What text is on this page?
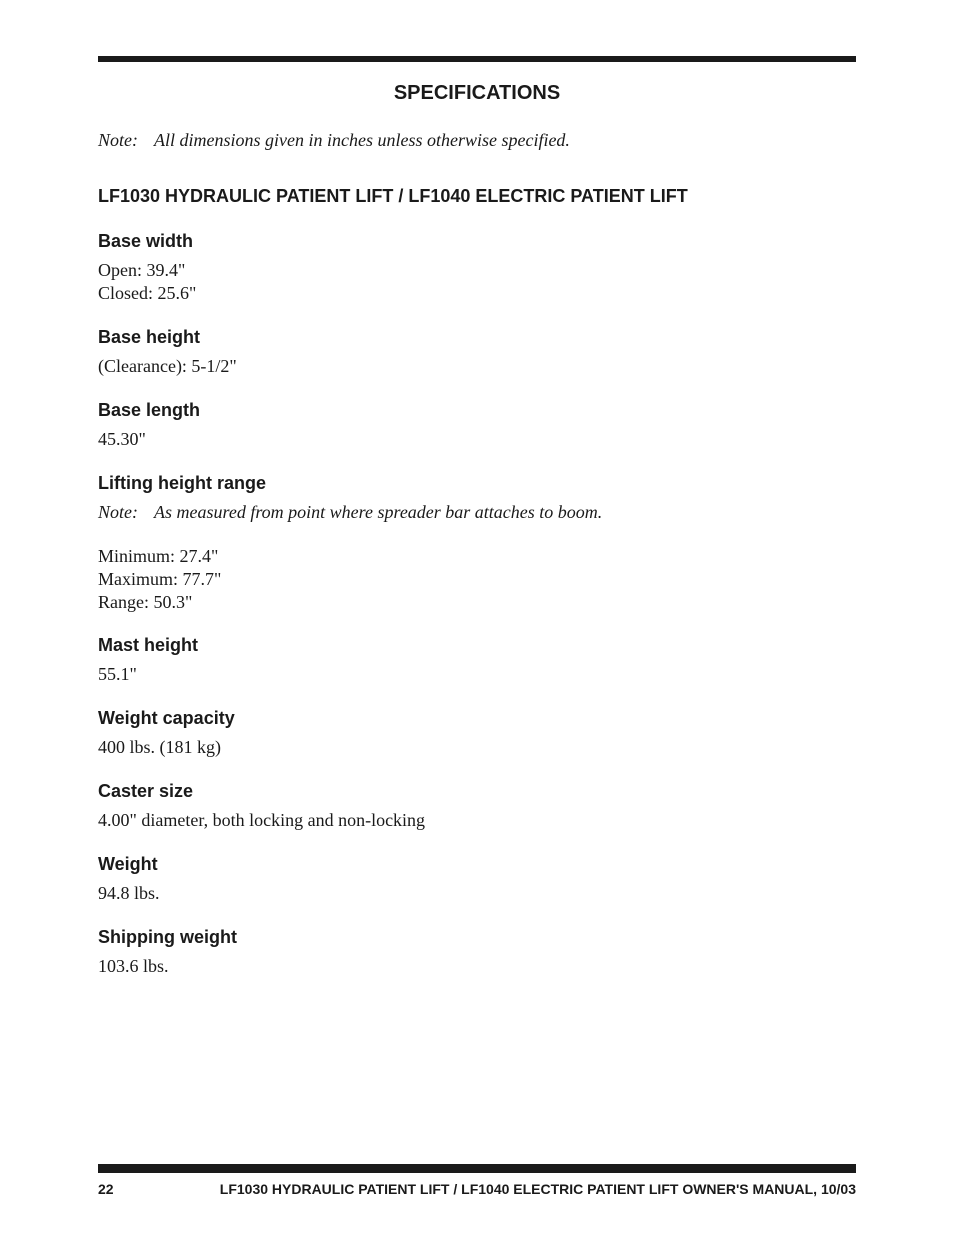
SPECIFICATIONS

Note: All dimensions given in inches unless otherwise specified.

LF1030 HYDRAULIC PATIENT LIFT / LF1040 ELECTRIC PATIENT LIFT
Base width
Open: 39.4"
Closed: 25.6"
Base height
(Clearance): 5-1/2"
Base length
45.30"
Lifting height range

Note: As measured from point where spreader bar attaches to boom.

Minimum: 27.4"
Maximum: 77.7"
Range: 50.3"
Mast height
55.1"
Weight capacity
400 lbs. (181 kg)
Caster size
4.00" diameter, both locking and non-locking
Weight
94.8 lbs.
Shipping weight
103.6 lbs.
22	LF1030 HYDRAULIC PATIENT LIFT / LF1040 ELECTRIC PATIENT LIFT OWNER'S MANUAL, 10/03
